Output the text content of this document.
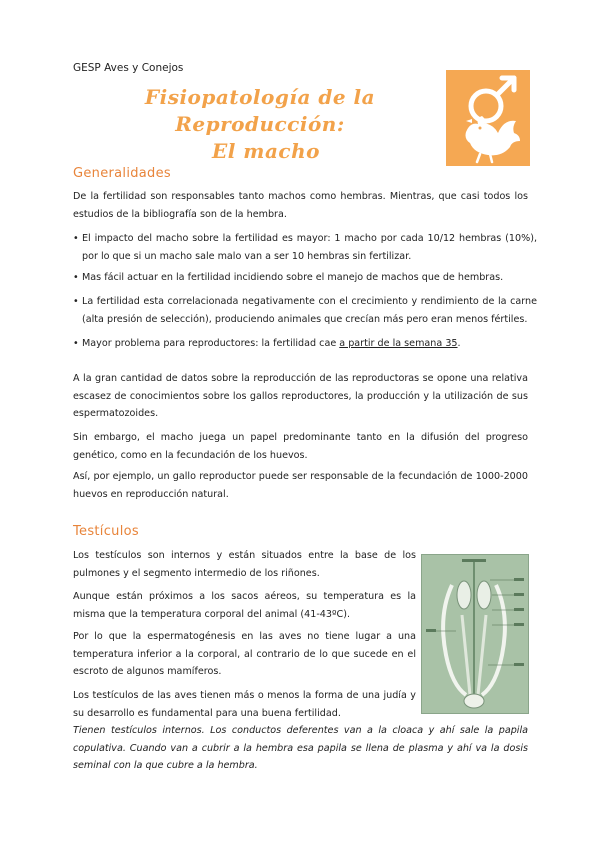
GESP Aves y Conejos
Fisiopatología de la Reproducción:
El macho
Generalidades

De la fertilidad son responsables tanto machos como hembras. Mientras, que casi todos los estudios de la bibliografía son de la hembra.

• El impacto del macho sobre la fertilidad es mayor: 1 macho por cada 10/12 hembras (10%), por lo que si un macho sale malo van a ser 10 hembras sin fertilizar.

• Mas fácil actuar en la fertilidad incidiendo sobre el manejo de machos que de hembras.

• La fertilidad esta correlacionada negativamente con el crecimiento y rendimiento de la carne (alta presión de selección), produciendo animales que crecían más pero eran menos fértiles.

• Mayor problema para reproductores: la fertilidad cae a partir de la semana 35.

A la gran cantidad de datos sobre la reproducción de las reproductoras se opone una relativa escasez de conocimientos sobre los gallos reproductores, la producción y la utilización de sus espermatozoides.

Sin embargo, el macho juega un papel predominante tanto en la difusión del progreso genético, como en la fecundación de los huevos.

Así, por ejemplo, un gallo reproductor puede ser responsable de la fecundación de 1000-2000 huevos en reproducción natural.

Testículos

Los testículos son internos y están situados entre la base de los pulmones y el segmento intermedio de los riñones.

Aunque están próximos a los sacos aéreos, su temperatura es la misma que la temperatura corporal del animal (41-43ºC).

Por lo que la espermatogénesis en las aves no tiene lugar a una temperatura inferior a la corporal, al contrario de lo que sucede en el escroto de algunos mamíferos.

Los testículos de las aves tienen más o menos la forma de una judía y su desarrollo es fundamental para una buena fertilidad.

Tienen testículos internos. Los conductos deferentes van a la cloaca y ahí sale la papila copulativa. Cuando van a cubrir a la hembra esa papila se llena de plasma y ahí va la dosis seminal con la que cubre a la hembra.
